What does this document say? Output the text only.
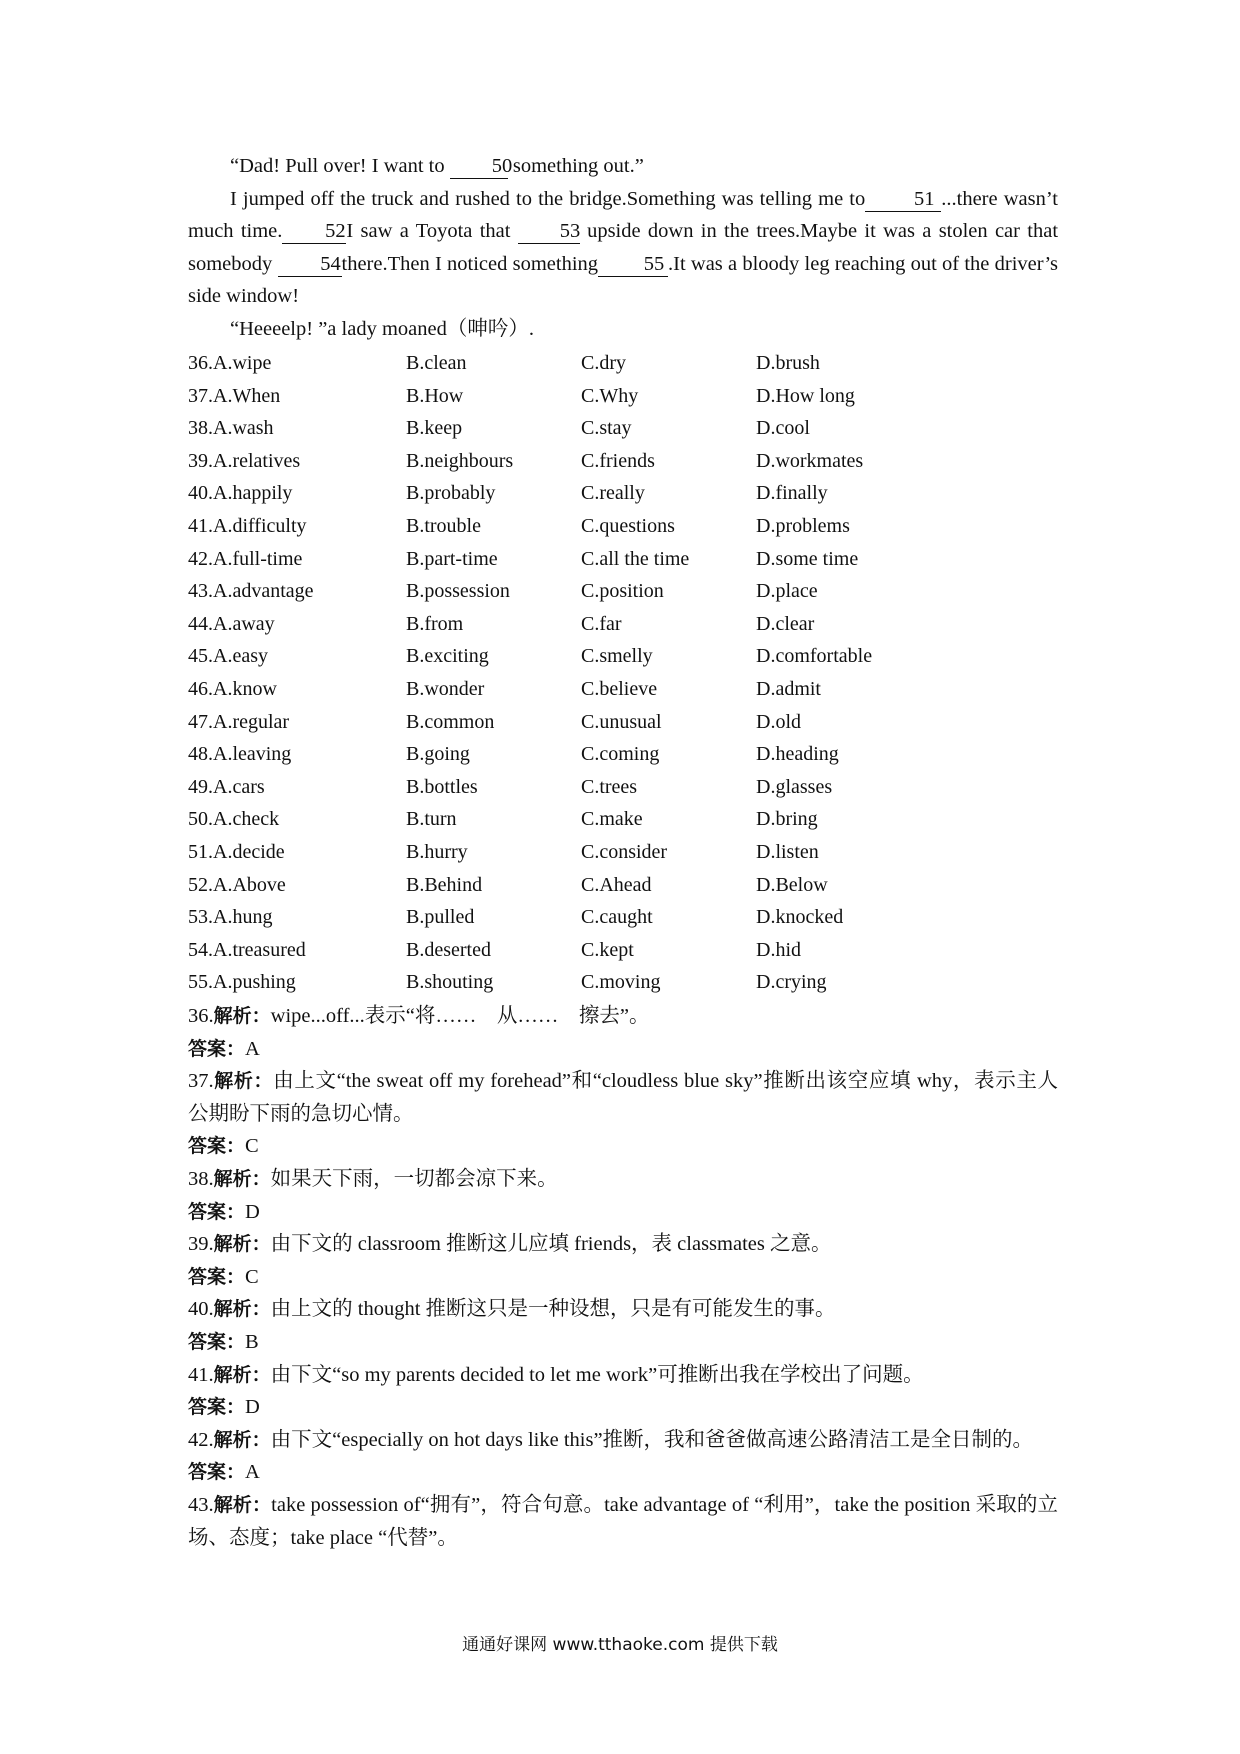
“Dad! Pull over! I want to 50 something out.”

I jumped off the truck and rushed to the bridge.Something was telling me to 51 ...there wasn’t much time. 52I saw a Toyota that 53 upside down in the trees.Maybe it was a stolen car that somebody 54there.Then I noticed something 55 .It was a bloody leg reaching out of the driver’s side window!

“Heeeelp! ”a lady moaned（呻吟）.

36.A.wipe	B.clean	C.dry	D.brush
37.A.When	B.How	C.Why	D.How long
38.A.wash	B.keep	C.stay	D.cool
39.A.relatives	B.neighbours	C.friends	D.workmates
40.A.happily	B.probably	C.really	D.finally
41.A.difficulty	B.trouble	C.questions	D.problems
42.A.full-time	B.part-time	C.all the time	D.some time
43.A.advantage	B.possession	C.position	D.place
44.A.away	B.from	C.far	D.clear
45.A.easy	B.exciting	C.smelly	D.comfortable
46.A.know	B.wonder	C.believe	D.admit
47.A.regular	B.common	C.unusual	D.old
48.A.leaving	B.going	C.coming	D.heading
49.A.cars	B.bottles	C.trees	D.glasses
50.A.check	B.turn	C.make	D.bring
51.A.decide	B.hurry	C.consider	D.listen
52.A.Above	B.Behind	C.Ahead	D.Below
53.A.hung	B.pulled	C.caught	D.knocked
54.A.treasured	B.deserted	C.kept	D.hid
55.A.pushing	B.shouting	C.moving	D.crying

36.解析：wipe...off...表示“将……　从……　擦去”。

答案：A

37.解析：由上文“the sweat off my forehead”和“cloudless blue sky”推断出该空应填 why，表示主人公期盼下雨的急切心情。

答案：C

38.解析：如果天下雨，一切都会凉下来。

答案：D

39.解析：由下文的 classroom 推断这儿应填 friends，表 classmates 之意。

答案：C

40.解析：由上文的 thought 推断这只是一种设想，只是有可能发生的事。

答案：B

41.解析：由下文“so my parents decided to let me work”可推断出我在学校出了问题。

答案：D

42.解析：由下文“especially on hot days like this”推断，我和爸爸做高速公路清洁工是全日制的。

答案：A

43.解析：take possession of“拥有”，符合句意。take advantage of “利用”，take the position 采取的立场、态度；take place “代替”。

通通好课网 www.tthaoke.com 提供下载
